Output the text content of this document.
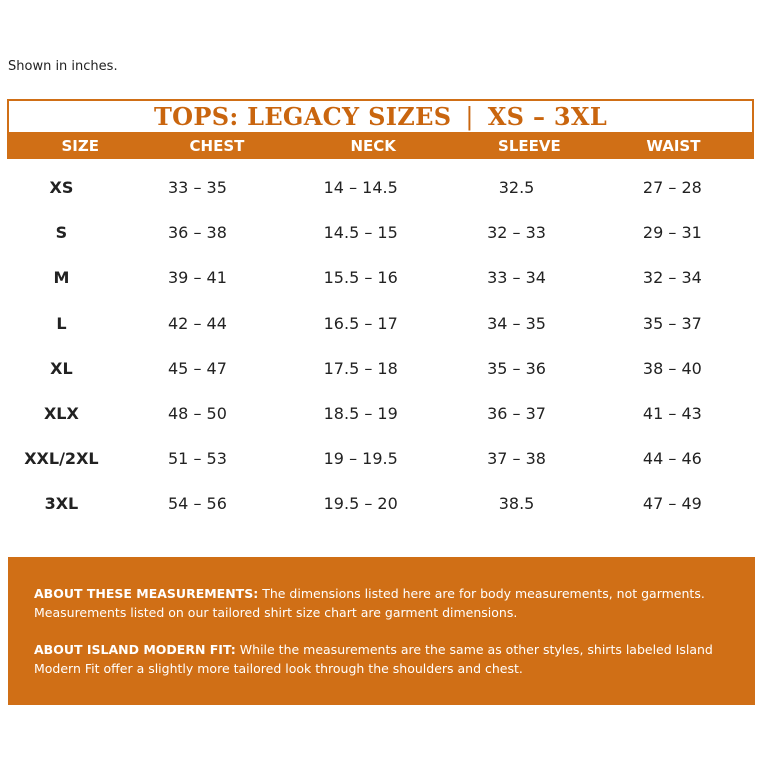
Shown in inches.
TOPS: LEGACY SIZES | XS – 3XL
SIZE	CHEST	NECK	SLEEVE	WAIST
XS	33 – 35	14 – 14.5	32.5	27 – 28
S	36 – 38	14.5 – 15	32 – 33	29 – 31
M	39 – 41	15.5 – 16	33 – 34	32 – 34
L	42 – 44	16.5 – 17	34 – 35	35 – 37
XL	45 – 47	17.5 – 18	35 – 36	38 – 40
XLX	48 – 50	18.5 – 19	36 – 37	41 – 43
XXL/2XL	51 – 53	19 – 19.5	37 – 38	44 – 46
3XL	54 – 56	19.5 – 20	38.5	47 – 49

ABOUT THESE MEASUREMENTS: The dimensions listed here are for body measurements, not garments. Measurements listed on our tailored shirt size chart are garment dimensions.

ABOUT ISLAND MODERN FIT: While the measurements are the same as other styles, shirts labeled Island Modern Fit offer a slightly more tailored look through the shoulders and chest.
